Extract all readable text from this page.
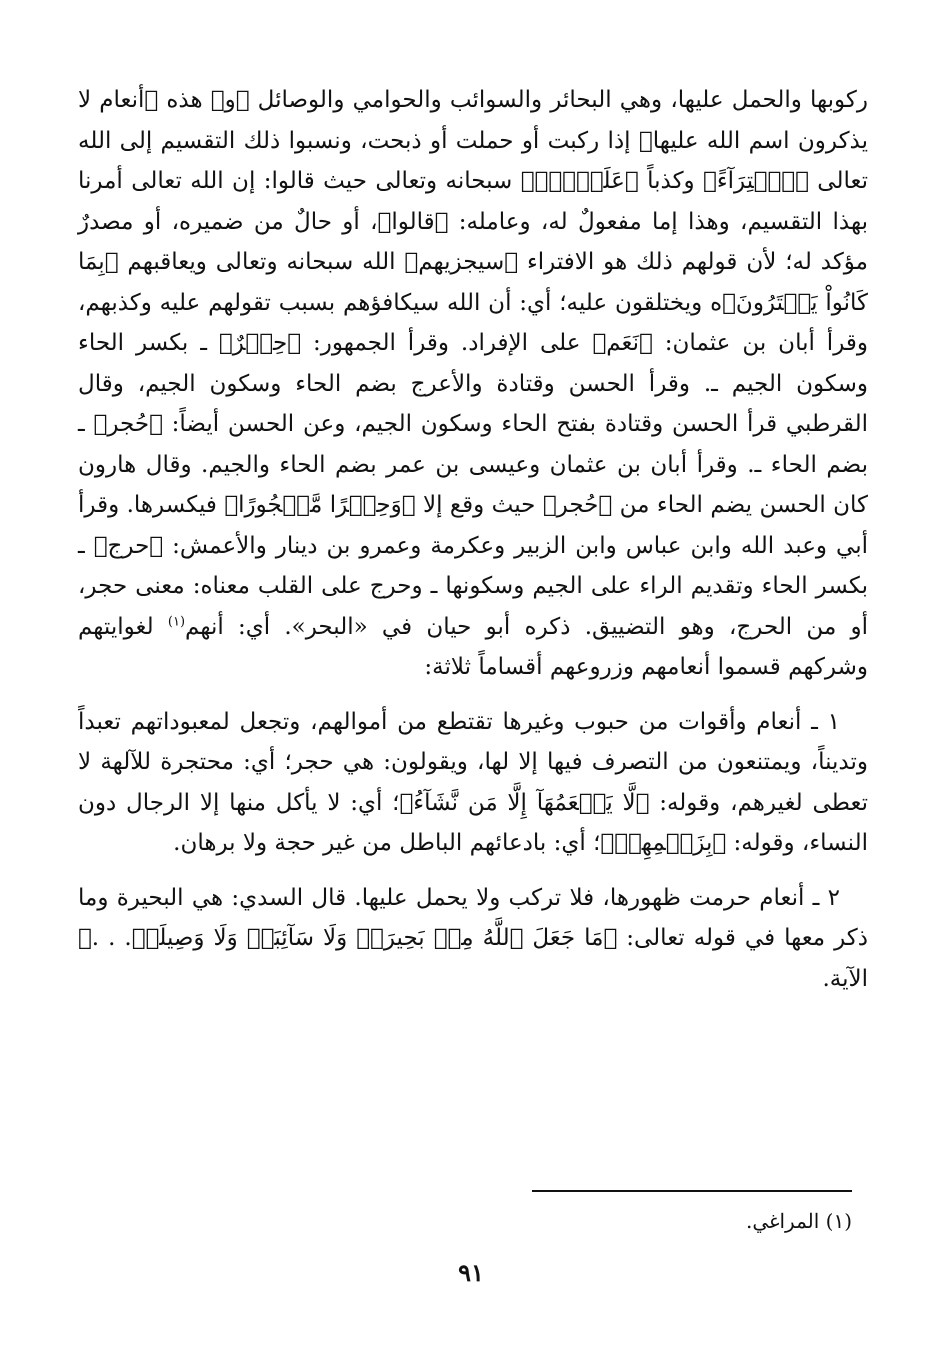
ركوبها والحمل عليها، وهي البحائر والسوائب والحوامي والوصائل ﴿و﴾ هذه ﴿أنعام لا يذكرون اسم الله عليها﴾ إذا ركبت أو حملت أو ذبحت، ونسبوا ذلك التقسيم إلى الله تعالى ﴿ٱفۡتِرَآءً﴾ وكذباً ﴿عَلَيۡهِۚ﴾ سبحانه وتعالى حيث قالوا: إن الله تعالى أمرنا بهذا التقسيم، وهذا إما مفعولٌ له، وعامله: ﴿قالوا﴾، أو حالٌ من ضميره، أو مصدرٌ مؤكد له؛ لأن قولهم ذلك هو الافتراء ﴿سيجزيهم﴾ الله سبحانه وتعالى ويعاقبهم ﴿بِمَا كَانُواْ يَفۡتَرُونَ﴾ه ويختلقون عليه؛ أي: أن الله سيكافؤهم بسبب تقولهم عليه وكذبهم، وقرأ أبان بن عثمان: ﴿نَعَم﴾ على الإفراد. وقرأ الجمهور: ﴿حِجۡرٌ﴾ ـ بكسر الحاء وسكون الجيم ـ. وقرأ الحسن وقتادة والأعرج بضم الحاء وسكون الجيم، وقال القرطبي قرأ الحسن وقتادة بفتح الحاء وسكون الجيم، وعن الحسن أيضاً: ﴿حُجر﴾ ـ بضم الحاء ـ. وقرأ أبان بن عثمان وعيسى بن عمر بضم الحاء والجيم. وقال هارون كان الحسن يضم الحاء من ﴿حُجر﴾ حيث وقع إلا ﴿وَحِجۡرًا مَّحۡجُورًا﴾ فيكسرها. وقرأ أبي وعبد الله وابن عباس وابن الزبير وعكرمة وعمرو بن دينار والأعمش: ﴿حرج﴾ ـ بكسر الحاء وتقديم الراء على الجيم وسكونها ـ وحرج على القلب معناه: معنى حجر، أو من الحرج، وهو التضييق. ذكره أبو حيان في «البحر». أي: أنهم$^{(١)}$ لغوايتهم وشركهم قسموا أنعامهم وزروعهم أقساماً ثلاثة:

١ ـ أنعام وأقوات من حبوب وغيرها تقتطع من أموالهم، وتجعل لمعبوداتهم تعبداً وتديناً، ويمتنعون من التصرف فيها إلا لها، ويقولون: هي حجر؛ أي: محتجرة للآلهة لا تعطى لغيرهم، وقوله: ﴿لَّا يَطۡعَمُهَآ إِلَّا مَن نَّشَآءُ﴾؛ أي: لا يأكل منها إلا الرجال دون النساء، وقوله: ﴿بِزَعۡمِهِمۡ﴾؛ أي: بادعائهم الباطل من غير حجة ولا برهان.

٢ ـ أنعام حرمت ظهورها، فلا تركب ولا يحمل عليها. قال السدي: هي البحيرة وما ذكر معها في قوله تعالى: ﴿مَا جَعَلَ ٱللَّهُ مِنۢ بَحِيرَةٖ وَلَا سَآئِبَةٖ وَلَا وَصِيلَةٖ. . .﴾ الآية.

(١) المراغي.
٩١
